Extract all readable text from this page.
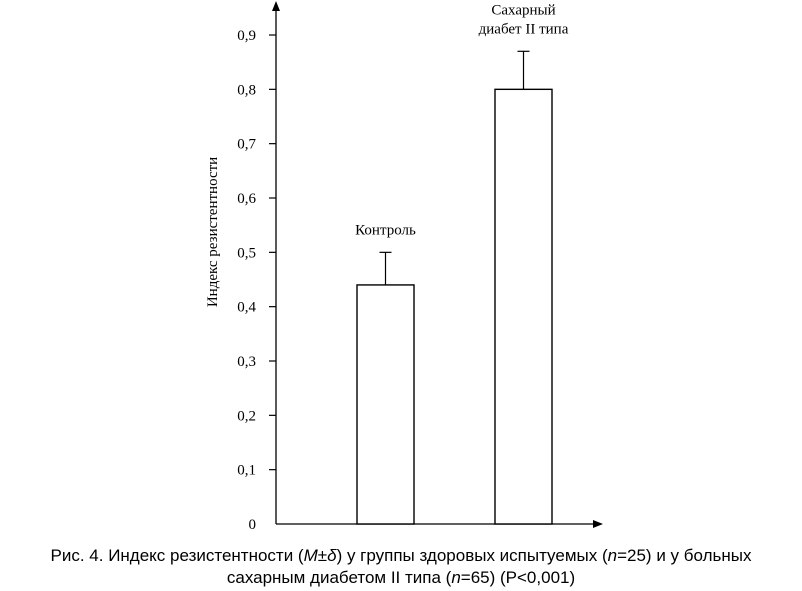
0
0,1
0,2
0,3
0,4
0,5
0,6
0,7
0,8
0,9
Контроль
Сахарный
диабет II типа
Индекс резистентности
Рис. 4. Индекс резистентности (M±δ) у группы здоровых испытуемых (n=25) и у больных
сахарным диабетом II типа (n=65) (P<0,001)
